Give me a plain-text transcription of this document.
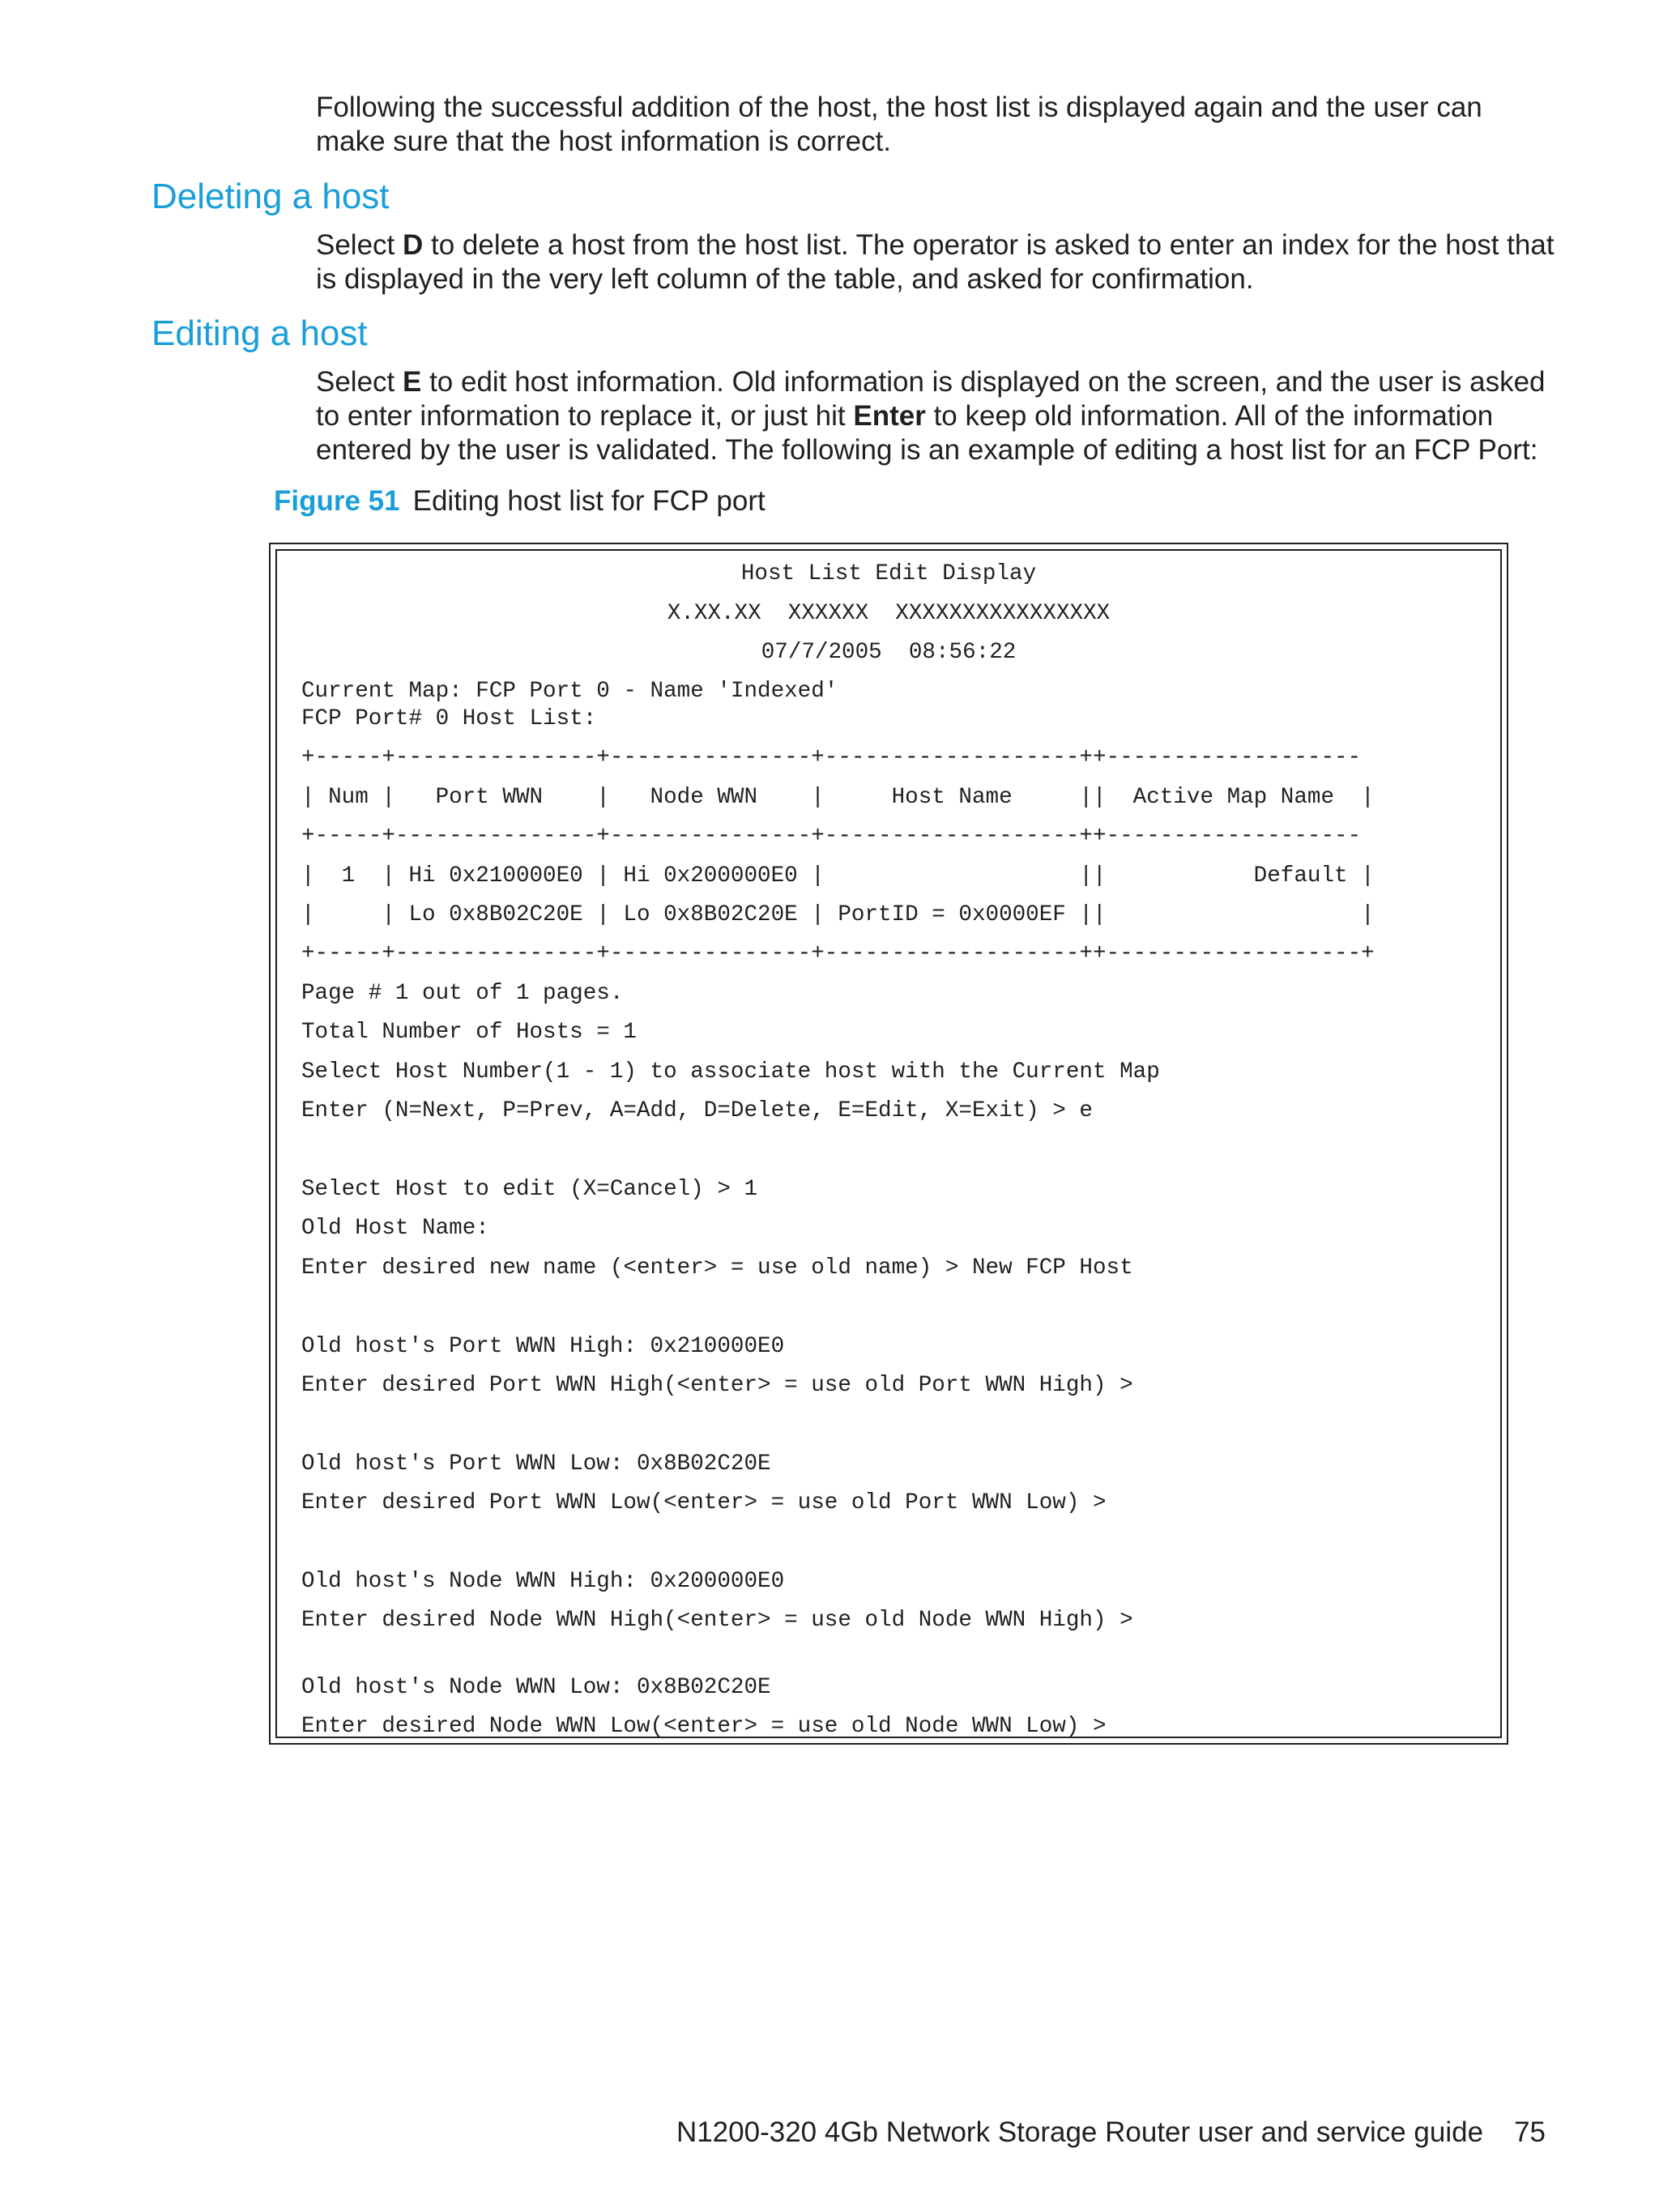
Following the successful addition of the host, the host list is displayed again and the user can make sure that the host information is correct.

Deleting a host

Select D to delete a host from the host list. The operator is asked to enter an index for the host that is displayed in the very left column of the table, and asked for confirmation.

Editing a host

Select E to edit host information. Old information is displayed on the screen, and the user is asked to enter information to replace it, or just hit Enter to keep old information. All of the information entered by the user is validated. The following is an example of editing a host list for an FCP Port:

Figure 51 Editing host list for FCP port
Host List Edit Display
X.XX.XX  XXXXXX  XXXXXXXXXXXXXXXX
07/7/2005  08:56:22
Current Map: FCP Port 0 - Name 'Indexed'
FCP Port# 0 Host List:
+-----+---------------+---------------+-------------------++-------------------
| Num |   Port WWN    |   Node WWN    |     Host Name     ||  Active Map Name  |
+-----+---------------+---------------+-------------------++-------------------
|  1  | Hi 0x210000E0 | Hi 0x200000E0 |                   ||           Default |
|     | Lo 0x8B02C20E | Lo 0x8B02C20E | PortID = 0x0000EF ||                   |
+-----+---------------+---------------+-------------------++-------------------+
Page # 1 out of 1 pages.
Total Number of Hosts = 1
Select Host Number(1 - 1) to associate host with the Current Map
Enter (N=Next, P=Prev, A=Add, D=Delete, E=Edit, X=Exit) > e
Select Host to edit (X=Cancel) > 1
Old Host Name:
Enter desired new name (<enter> = use old name) > New FCP Host
Old host's Port WWN High: 0x210000E0
Enter desired Port WWN High(<enter> = use old Port WWN High) >
Old host's Port WWN Low: 0x8B02C20E
Enter desired Port WWN Low(<enter> = use old Port WWN Low) >
Old host's Node WWN High: 0x200000E0
Enter desired Node WWN High(<enter> = use old Node WWN High) >
Old host's Node WWN Low: 0x8B02C20E
Enter desired Node WWN Low(<enter> = use old Node WWN Low) >
N1200-320 4Gb Network Storage Router user and service guide 75
